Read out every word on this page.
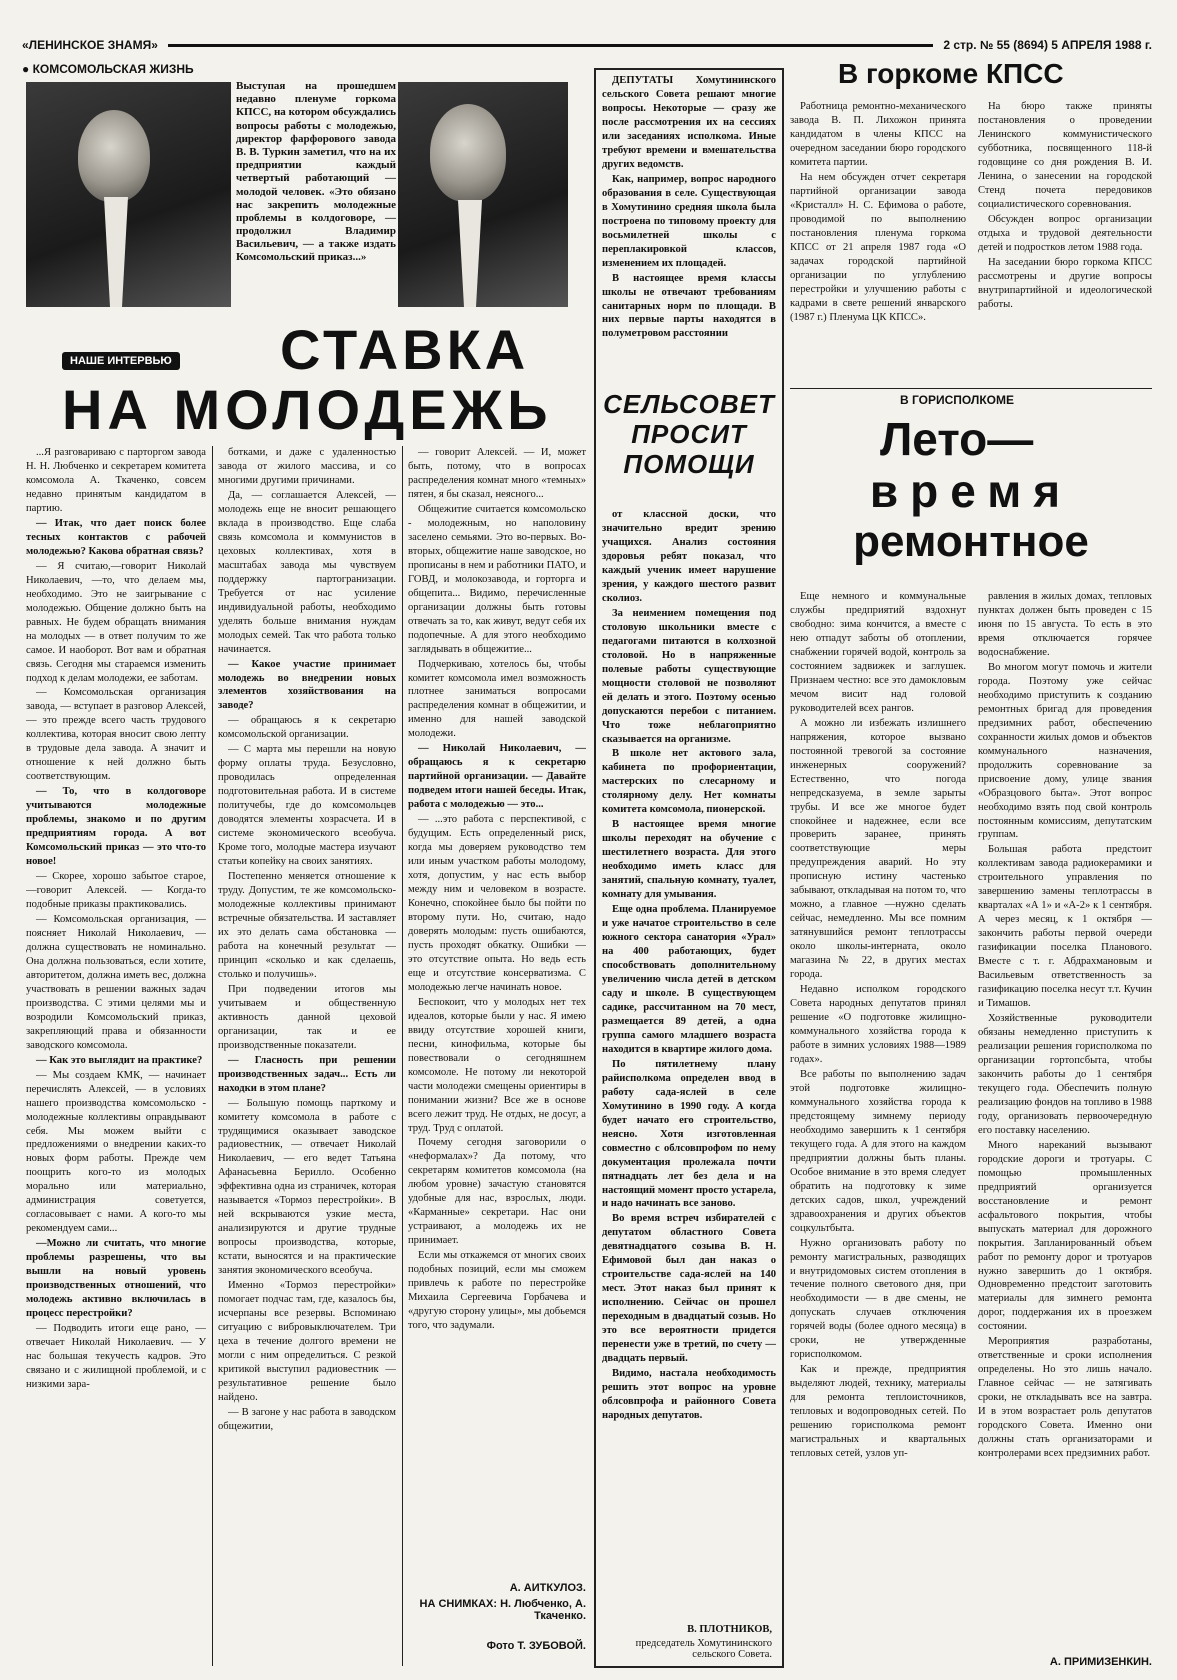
«ЛЕНИНСКОЕ ЗНАМЯ»	2 стр. № 55 (8694) 5 АПРЕЛЯ 1988 г.
● КОМСОМОЛЬСКАЯ ЖИЗНЬ
Выступая на прошедшем недавно пленуме горкома КПСС, на котором обсуждались вопросы работы с молодежью, директор фарфорового завода В. В. Туркин заметил, что на их предприятии каждый четвертый работающий — молодой человек. «Это обязано нас закрепить молодежные проблемы в колдоговоре, — продолжил Владимир Васильевич, — а также издать Комсомольский приказ...»
НАШЕ ИНТЕРВЬЮ СТАВКА
НА МОЛОДЕЖЬ

...Я разговариваю с парторгом завода Н. Н. Любченко и секретарем комитета комсомола А. Ткаченко, совсем недавно принятым кандидатом в партию.

— Итак, что дает поиск более тесных контактов с рабочей молодежью? Какова обратная связь?

— Я считаю,—говорит Николай Николаевич, —то, что делаем мы, необходимо. Это не заигрывание с молодежью. Общение должно быть на равных. Не будем обращать внимания на молодых — в ответ получим то же самое. И наоборот. Вот вам и обратная связь. Сегодня мы стараемся изменить подход к делам молодежи, ее заботам.

— Комсомольская организация завода, — вступает в разговор Алексей, — это прежде всего часть трудового коллектива, которая вносит свою лепту в трудовые дела завода. А значит и отношение к ней должно быть соответствующим.

— То, что в колдоговоре учитываются молодежные проблемы, знакомо и по другим предприятиям города. А вот Комсомольский приказ — это что-то новое!

— Скорее, хорошо забытое старое, —говорит Алексей. — Когда-то подобные приказы практиковались.

— Комсомольская организация, — поясняет Николай Николаевич, — должна существовать не номинально. Она должна пользоваться, если хотите, авторитетом, должна иметь вес, должна участвовать в решении важных задач производства. С этими целями мы и возродили Комсомольский приказ, закрепляющий права и обязанности заводского комсомола.

— Как это выглядит на практике?

— Мы создаем КМК, — начинает перечислять Алексей, — в условиях нашего производства комсомольско - молодежные коллективы оправдывают себя. Мы можем выйти с предложениями о внедрении каких-то новых форм работы. Прежде чем поощрить кого-то из молодых морально или материально, администрация советуется, согласовывает с нами. А кого-то мы рекомендуем сами...

—Можно ли считать, что многие проблемы разрешены, что вы вышли на новый уровень производственных отношений, что молодежь активно включилась в процесс перестройки?

— Подводить итоги еще рано, — отвечает Николай Николаевич. — У нас большая текучесть кадров. Это связано и с жилищной проблемой, и с низкими зара-

ботками, и даже с удаленностью завода от жилого массива, и со многими другими причинами.

Да, — соглашается Алексей, — молодежь еще не вносит решающего вклада в производство. Еще слаба связь комсомола и коммунистов в цеховых коллективах, хотя в масштабах завода мы чувствуем поддержку партогранизации. Требуется от нас усиление индивидуальной работы, необходимо уделять больше внимания нуждам молодых семей. Так что работа только начинается.

— Какое участие принимает молодежь во внедрении новых элементов хозяйствования на заводе?

— обращаюсь я к секретарю комсомольской организации.

— С марта мы перешли на новую форму оплаты труда. Безусловно, проводилась определенная подготовительная работа. И в системе политучебы, где до комсомольцев доводятся элементы хозрасчета. И в системе экономического всеобуча. Кроме того, молодые мастера изучают статьи копейку на своих занятиях.

Постепенно меняется отношение к труду. Допустим, те же комсомольско-молодежные коллективы принимают встречные обязательства. И заставляет их это делать сама обстановка — работа на конечный результат — принцип «сколько и как сделаешь, столько и получишь».

При подведении итогов мы учитываем и общественную активность данной цеховой организации, так и ее производственные показатели.

— Гласность при решении производственных задач... Есть ли находки в этом плане?

— Большую помощь парткому и комитету комсомола в работе с трудящимися оказывает заводское радиовестник, — отвечает Николай Николаевич, — его ведет Татьяна Афанасьевна Берилло. Особенно эффективна одна из страничек, которая называется «Тормоз перестройки». В ней вскрываются узкие места, анализируются и другие трудные вопросы производства, которые, кстати, выносятся и на практические занятия экономического всеобуча.

Именно «Тормоз перестройки» помогает подчас там, где, казалось бы, исчерпаны все резервы. Вспоминаю ситуацию с вибровыключателем. Три цеха в течение долгого времени не могли с ним определиться. С резкой критикой выступил радиовестник — результативное решение было найдено.

— В загоне у нас работа в заводском общежитии,

— говорит Алексей. — И, может быть, потому, что в вопросах распределения комнат много «темных» пятен, я бы сказал, неясного...

Общежитие считается комсомольско - молодежным, но наполовину заселено семьями. Это во-первых. Во-вторых, общежитие наше заводское, но прописаны в нем и работники ПАТО, и ГОВД, и молокозавода, и горторга и общепита... Видимо, перечисленные организации должны быть готовы отвечать за то, как живут, ведут себя их подопечные. А для этого необходимо заглядывать в общежитие...

Подчеркиваю, хотелось бы, чтобы комитет комсомола имел возможность плотнее заниматься вопросами распределения комнат в общежитии, и именно для нашей заводской молодежи.

— Николай Николаевич, — обращаюсь я к секретарю партийной организации. — Давайте подведем итоги нашей беседы. Итак, работа с молодежью — это...

— ...это работа с перспективой, с будущим. Есть определенный риск, когда мы доверяем руководство тем или иным участком работы молодому, хотя, допустим, у нас есть выбор между ним и человеком в возрасте. Конечно, спокойнее было бы пойти по второму пути. Но, считаю, надо доверять молодым: пусть ошибаются, пусть проходят обкатку. Ошибки — это отсутствие опыта. Но ведь есть еще и отсутствие консерватизма. С молодежью легче начинать новое.

Беспокоит, что у молодых нет тех идеалов, которые были у нас. Я имею ввиду отсутствие хорошей книги, песни, кинофильма, которые бы повествовали о сегодняшнем комсомоле. Не потому ли некоторой части молодежи смещены ориентиры в понимании жизни? Все же в основе всего лежит труд. Не отдых, не досуг, а труд. Труд с оплатой.

Почему сегодня заговорили о «неформалах»? Да потому, что секретарям комитетов комсомола (на любом уровне) зачастую становятся удобные для нас, взрослых, люди. «Карманные» секретари. Нас они устраивают, а молодежь их не принимает.

Если мы откажемся от многих своих подобных позиций, если мы сможем привлечь к работе по перестройке Михаила Сергеевича Горбачева и «другую сторону улицы», мы добьемся того, что задумали.

А. АИТКУЛОЗ.
НА СНИМКАХ: Н. Любченко, А. Ткаченко.
Фото Т. ЗУБОВОЙ.

ДЕПУТАТЫ Хомутининского сельского Совета решают многие вопросы. Некоторые — сразу же после рассмотрения их на сессиях или заседаниях исполкома. Иные требуют времени и вмешательства других ведомств.

Как, например, вопрос народного образования в селе. Существующая в Хомутинино средняя школа была построена по типовому проекту для восьмилетней школы с переплакировкой классов, изменением их площадей.

В настоящее время классы школы не отвечают требованиям санитарных норм по площади. В них первые парты находятся в полуметровом расстоянии

СЕЛЬСОВЕТ
ПРОСИТ
ПОМОЩИ

от классной доски, что значительно вредит зрению учащихся. Анализ состояния здоровья ребят показал, что каждый ученик имеет нарушение зрения, у каждого шестого развит сколиоз.

За неимением помещения под столовую школьники вместе с педагогами питаются в колхозной столовой. Но в напряженные полевые работы существующие мощности столовой не позволяют ей делать и этого. Поэтому осенью допускаются перебои с питанием. Что тоже неблагоприятно сказывается на организме.

В школе нет актового зала, кабинета по профориентации, мастерских по слесарному и столярному делу. Нет комнаты комитета комсомола, пионерской.

В настоящее время многие школы переходят на обучение с шестилетнего возраста. Для этого необходимо иметь класс для занятий, спальную комнату, туалет, комнату для умывания.

Еще одна проблема. Планируемое и уже начатое строительство в селе южного сектора санатория «Урал» на 400 работающих, будет способствовать дополнительному увеличению числа детей в детском саду и школе. В существующем садике, рассчитанном на 70 мест, размещается 89 детей, а одна группа самого младшего возраста находится в квартире жилого дома.

По пятилетнему плану райисполкома определен ввод в работу сада-яслей в селе Хомутинино в 1990 году. А когда будет начато его строительство, неясно. Хотя изготовленная совместно с облсовпрофом по нему документация пролежала почти пятнадцать лет без дела и на настоящий момент просто устарела, и надо начинать все заново.

Во время встреч избирателей с депутатом областного Совета девятнадцатого созыва В. Н. Ефимовой был дан наказ о строительстве сада-яслей на 140 мест. Этот наказ был принят к исполнению. Сейчас он прошел переходным в двадцатый созыв. Но это все вероятности придется перенести уже в третий, по счету — двадцать первый.

Видимо, настала необходимость решить этот вопрос на уровне облсовпрофа и районного Совета народных депутатов.

В. ПЛОТНИКОВ,
председатель Хомутининского сельского Совета.
В горкоме КПСС

Работница ремонтно-механического завода В. П. Лихожон принята кандидатом в члены КПСС на очередном заседании бюро городского комитета партии.

На нем обсужден отчет секретаря партийной организации завода «Кристалл» Н. С. Ефимова о работе, проводимой по выполнению постановления пленума горкома КПСС от 21 апреля 1987 года «О задачах городской партийной организации по углублению перестройки и улучшению работы с кадрами в свете решений январского (1987 г.) Пленума ЦК КПСС».

На бюро также приняты постановления о проведении Ленинского коммунистического субботника, посвященного 118-й годовщине со дня рождения В. И. Ленина, о занесении на городской Стенд почета передовиков социалистического соревнования.

Обсужден вопрос организации отдыха и трудовой деятельности детей и подростков летом 1988 года.

На заседании бюро горкома КПСС рассмотрены и другие вопросы внутрипартийной и идеологической работы.

В ГОРИСПОЛКОМЕ
Лето—
время
ремонтное

Еще немного и коммунальные службы предприятий вздохнут свободно: зима кончится, а вместе с нею отпадут заботы об отоплении, снабжении горячей водой, контроль за состоянием задвижек и заглушек. Признаем честно: все это дамокловым мечом висит над головой руководителей всех рангов.

А можно ли избежать излишнего напряжения, которое вызвано постоянной тревогой за состояние инженерных сооружений? Естественно, что погода непредсказуема, в земле зарыты трубы. И все же многое будет спокойнее и надежнее, если все проверить заранее, принять соответствующие меры предупреждения аварий. Но эту прописную истину частенько забывают, откладывая на потом то, что можно, а главное —нужно сделать сейчас, немедленно. Мы все помним затянувшийся ремонт теплотрассы около школы-интерната, около магазина № 22, в других местах города.

Недавно исполком городского Совета народных депутатов принял решение «О подготовке жилищно-коммунального хозяйства города к работе в зимних условиях 1988—1989 годах».

Все работы по выполнению задач этой подготовке жилищно-коммунального хозяйства города к предстоящему зимнему периоду необходимо завершить к 1 сентября текущего года. А для этого на каждом предприятии должны быть планы. Особое внимание в это время следует обратить на подготовку к зиме детских садов, школ, учреждений здравоохранения и других объектов соцкультбыта.

Нужно организовать работу по ремонту магистральных, разводящих и внутридомовых систем отопления в течение полного светового дня, при необходимости — в две смены, не допускать случаев отключения горячей воды (более одного месяца) в сроки, не утвержденные горисполкомом.

Как и прежде, предприятия выделяют людей, технику, материалы для ремонта теплоисточников, тепловых и водопроводных сетей. По решению горисполкома ремонт магистральных и квартальных тепловых сетей, узлов уп-

равления в жилых домах, тепловых пунктах должен быть проведен с 15 июня по 15 августа. То есть в это время отключается горячее водоснабжение.

Во многом могут помочь и жители города. Поэтому уже сейчас необходимо приступить к созданию ремонтных бригад для проведения предзимних работ, обеспечению сохранности жилых домов и объектов коммунального назначения, продолжить соревнование за присвоение дому, улице звания «Образцового быта». Этот вопрос необходимо взять под свой контроль постоянным комиссиям, депутатским группам.

Большая работа предстоит коллективам завода радиокерамики и строительного управления по завершению замены теплотрассы в кварталах «А 1» и «А-2» к 1 сентября. А через месяц, к 1 октября — закончить работы первой очереди газификации поселка Планового. Вместе с т. г. Абдрахмановым и Васильевым ответственность за газификацию поселка несут т.т. Кучин и Тимашов.

Хозяйственные руководители обязаны немедленно приступить к реализации решения горисполкома по организации гортопсбыта, чтобы закончить работы до 1 сентября текущего года. Обеспечить полную реализацию фондов на топливо в 1988 году, организовать первоочередную его поставку населению.

Много нареканий вызывают городские дороги и тротуары. С помощью промышленных предприятий организуется восстановление и ремонт асфальтового покрытия, чтобы выпускать материал для дорожного покрытия. Запланированный объем работ по ремонту дорог и тротуаров нужно завершить до 1 октября. Одновременно предстоит заготовить материалы для зимнего ремонта дорог, поддержания их в проезжем состоянии.

Мероприятия разработаны, ответственные и сроки исполнения определены. Но это лишь начало. Главное сейчас — не затягивать сроки, не откладывать все на завтра. И в этом возрастает роль депутатов городского Совета. Именно они должны стать организаторами и контролерами всех предзимних работ.

А. ПРИМИЗЕНКИН.
